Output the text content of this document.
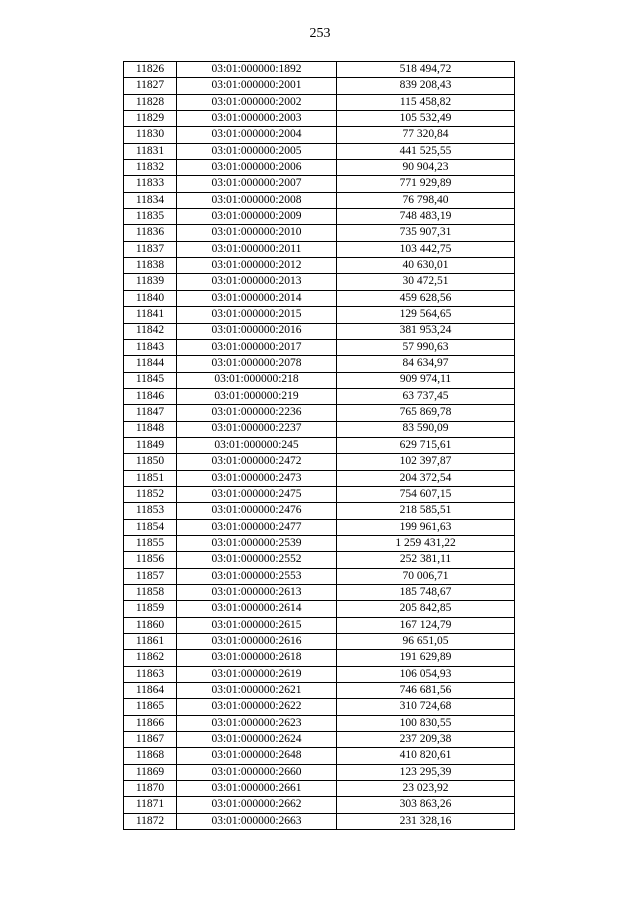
253
11826	03:01:000000:1892	518 494,72
11827	03:01:000000:2001	839 208,43
11828	03:01:000000:2002	115 458,82
11829	03:01:000000:2003	105 532,49
11830	03:01:000000:2004	77 320,84
11831	03:01:000000:2005	441 525,55
11832	03:01:000000:2006	90 904,23
11833	03:01:000000:2007	771 929,89
11834	03:01:000000:2008	76 798,40
11835	03:01:000000:2009	748 483,19
11836	03:01:000000:2010	735 907,31
11837	03:01:000000:2011	103 442,75
11838	03:01:000000:2012	40 630,01
11839	03:01:000000:2013	30 472,51
11840	03:01:000000:2014	459 628,56
11841	03:01:000000:2015	129 564,65
11842	03:01:000000:2016	381 953,24
11843	03:01:000000:2017	57 990,63
11844	03:01:000000:2078	84 634,97
11845	03:01:000000:218	909 974,11
11846	03:01:000000:219	63 737,45
11847	03:01:000000:2236	765 869,78
11848	03:01:000000:2237	83 590,09
11849	03:01:000000:245	629 715,61
11850	03:01:000000:2472	102 397,87
11851	03:01:000000:2473	204 372,54
11852	03:01:000000:2475	754 607,15
11853	03:01:000000:2476	218 585,51
11854	03:01:000000:2477	199 961,63
11855	03:01:000000:2539	1 259 431,22
11856	03:01:000000:2552	252 381,11
11857	03:01:000000:2553	70 006,71
11858	03:01:000000:2613	185 748,67
11859	03:01:000000:2614	205 842,85
11860	03:01:000000:2615	167 124,79
11861	03:01:000000:2616	96 651,05
11862	03:01:000000:2618	191 629,89
11863	03:01:000000:2619	106 054,93
11864	03:01:000000:2621	746 681,56
11865	03:01:000000:2622	310 724,68
11866	03:01:000000:2623	100 830,55
11867	03:01:000000:2624	237 209,38
11868	03:01:000000:2648	410 820,61
11869	03:01:000000:2660	123 295,39
11870	03:01:000000:2661	23 023,92
11871	03:01:000000:2662	303 863,26
11872	03:01:000000:2663	231 328,16
